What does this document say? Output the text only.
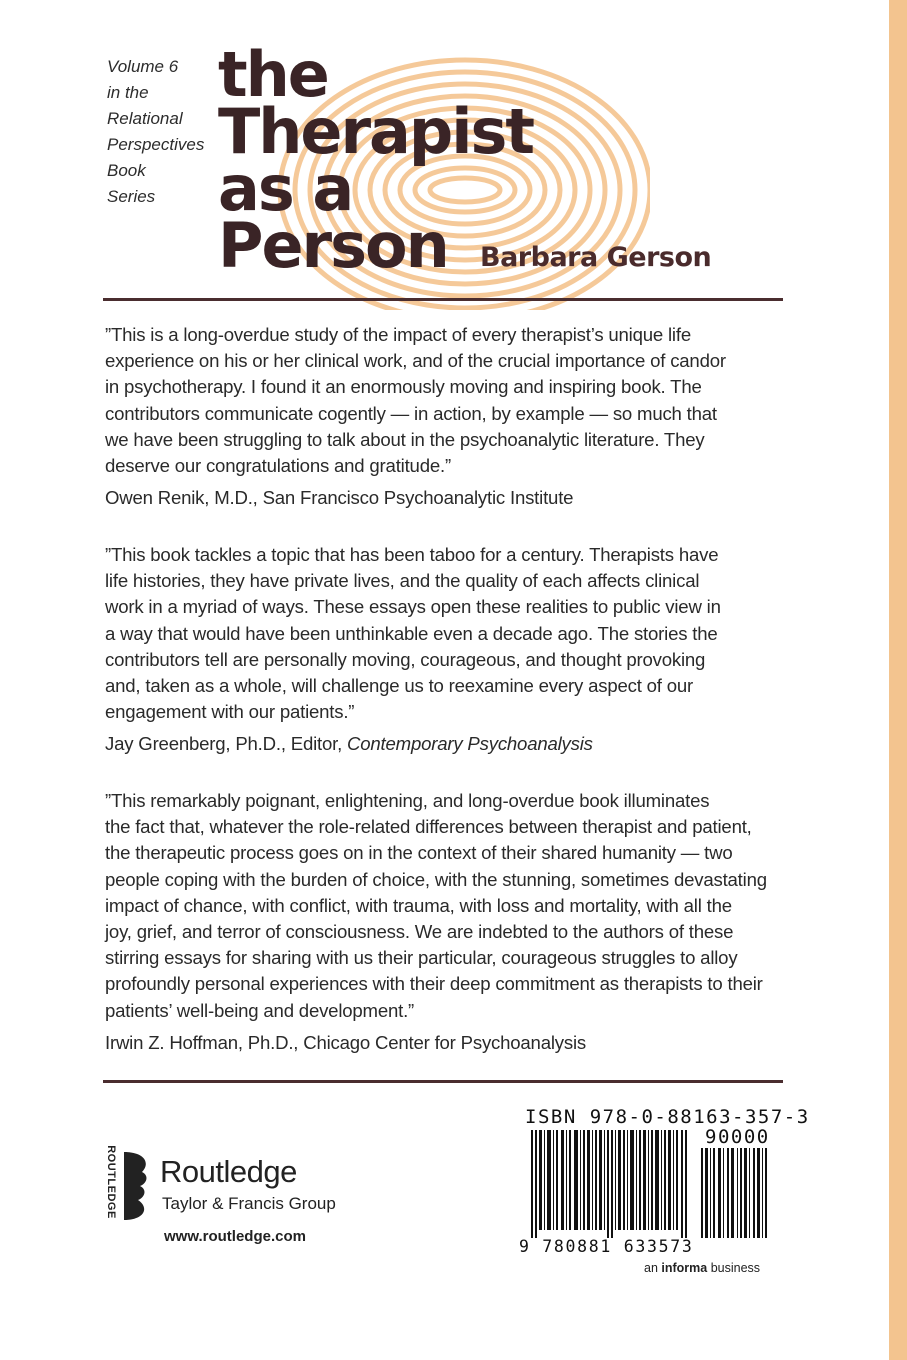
Volume 6
in the
Relational
Perspectives
Book
Series
the
Therapist
as a
Person	Barbara Gerson
”This is a long-overdue study of the impact of every therapist’s unique life
experience on his or her clinical work, and of the crucial importance of candor
in psychotherapy. I found it an enormously moving and inspiring book. The
contributors communicate cogently — in action, by example — so much that
we have been struggling to talk about in the psychoanalytic literature. They
deserve our congratulations and gratitude.”
Owen Renik, M.D., San Francisco Psychoanalytic Institute
”This book tackles a topic that has been taboo for a century. Therapists have
life histories, they have private lives, and the quality of each affects clinical
work in a myriad of ways. These essays open these realities to public view in
a way that would have been unthinkable even a decade ago. The stories the
contributors tell are personally moving, courageous, and thought provoking
and, taken as a whole, will challenge us to reexamine every aspect of our
engagement with our patients.”
Jay Greenberg, Ph.D., Editor, Contemporary Psychoanalysis
”This remarkably poignant, enlightening, and long-overdue book illuminates
the fact that, whatever the role-related differences between therapist and patient,
the therapeutic process goes on in the context of their shared humanity — two
people coping with the burden of choice, with the stunning, sometimes devastating
impact of chance, with conflict, with trauma, with loss and mortality, with all the
joy, grief, and terror of consciousness. We are indebted to the authors of these
stirring essays for sharing with us their particular, courageous struggles to alloy
profoundly personal experiences with their deep commitment as therapists to their
patients’ well-being and development.”
Irwin Z. Hoffman, Ph.D., Chicago Center for Psychoanalysis
ROUTLEDGE Routledge
Taylor & Francis Group
www.routledge.com
ISBN 978-0-88163-357-3
90000
9 780881 633573
an informa business
